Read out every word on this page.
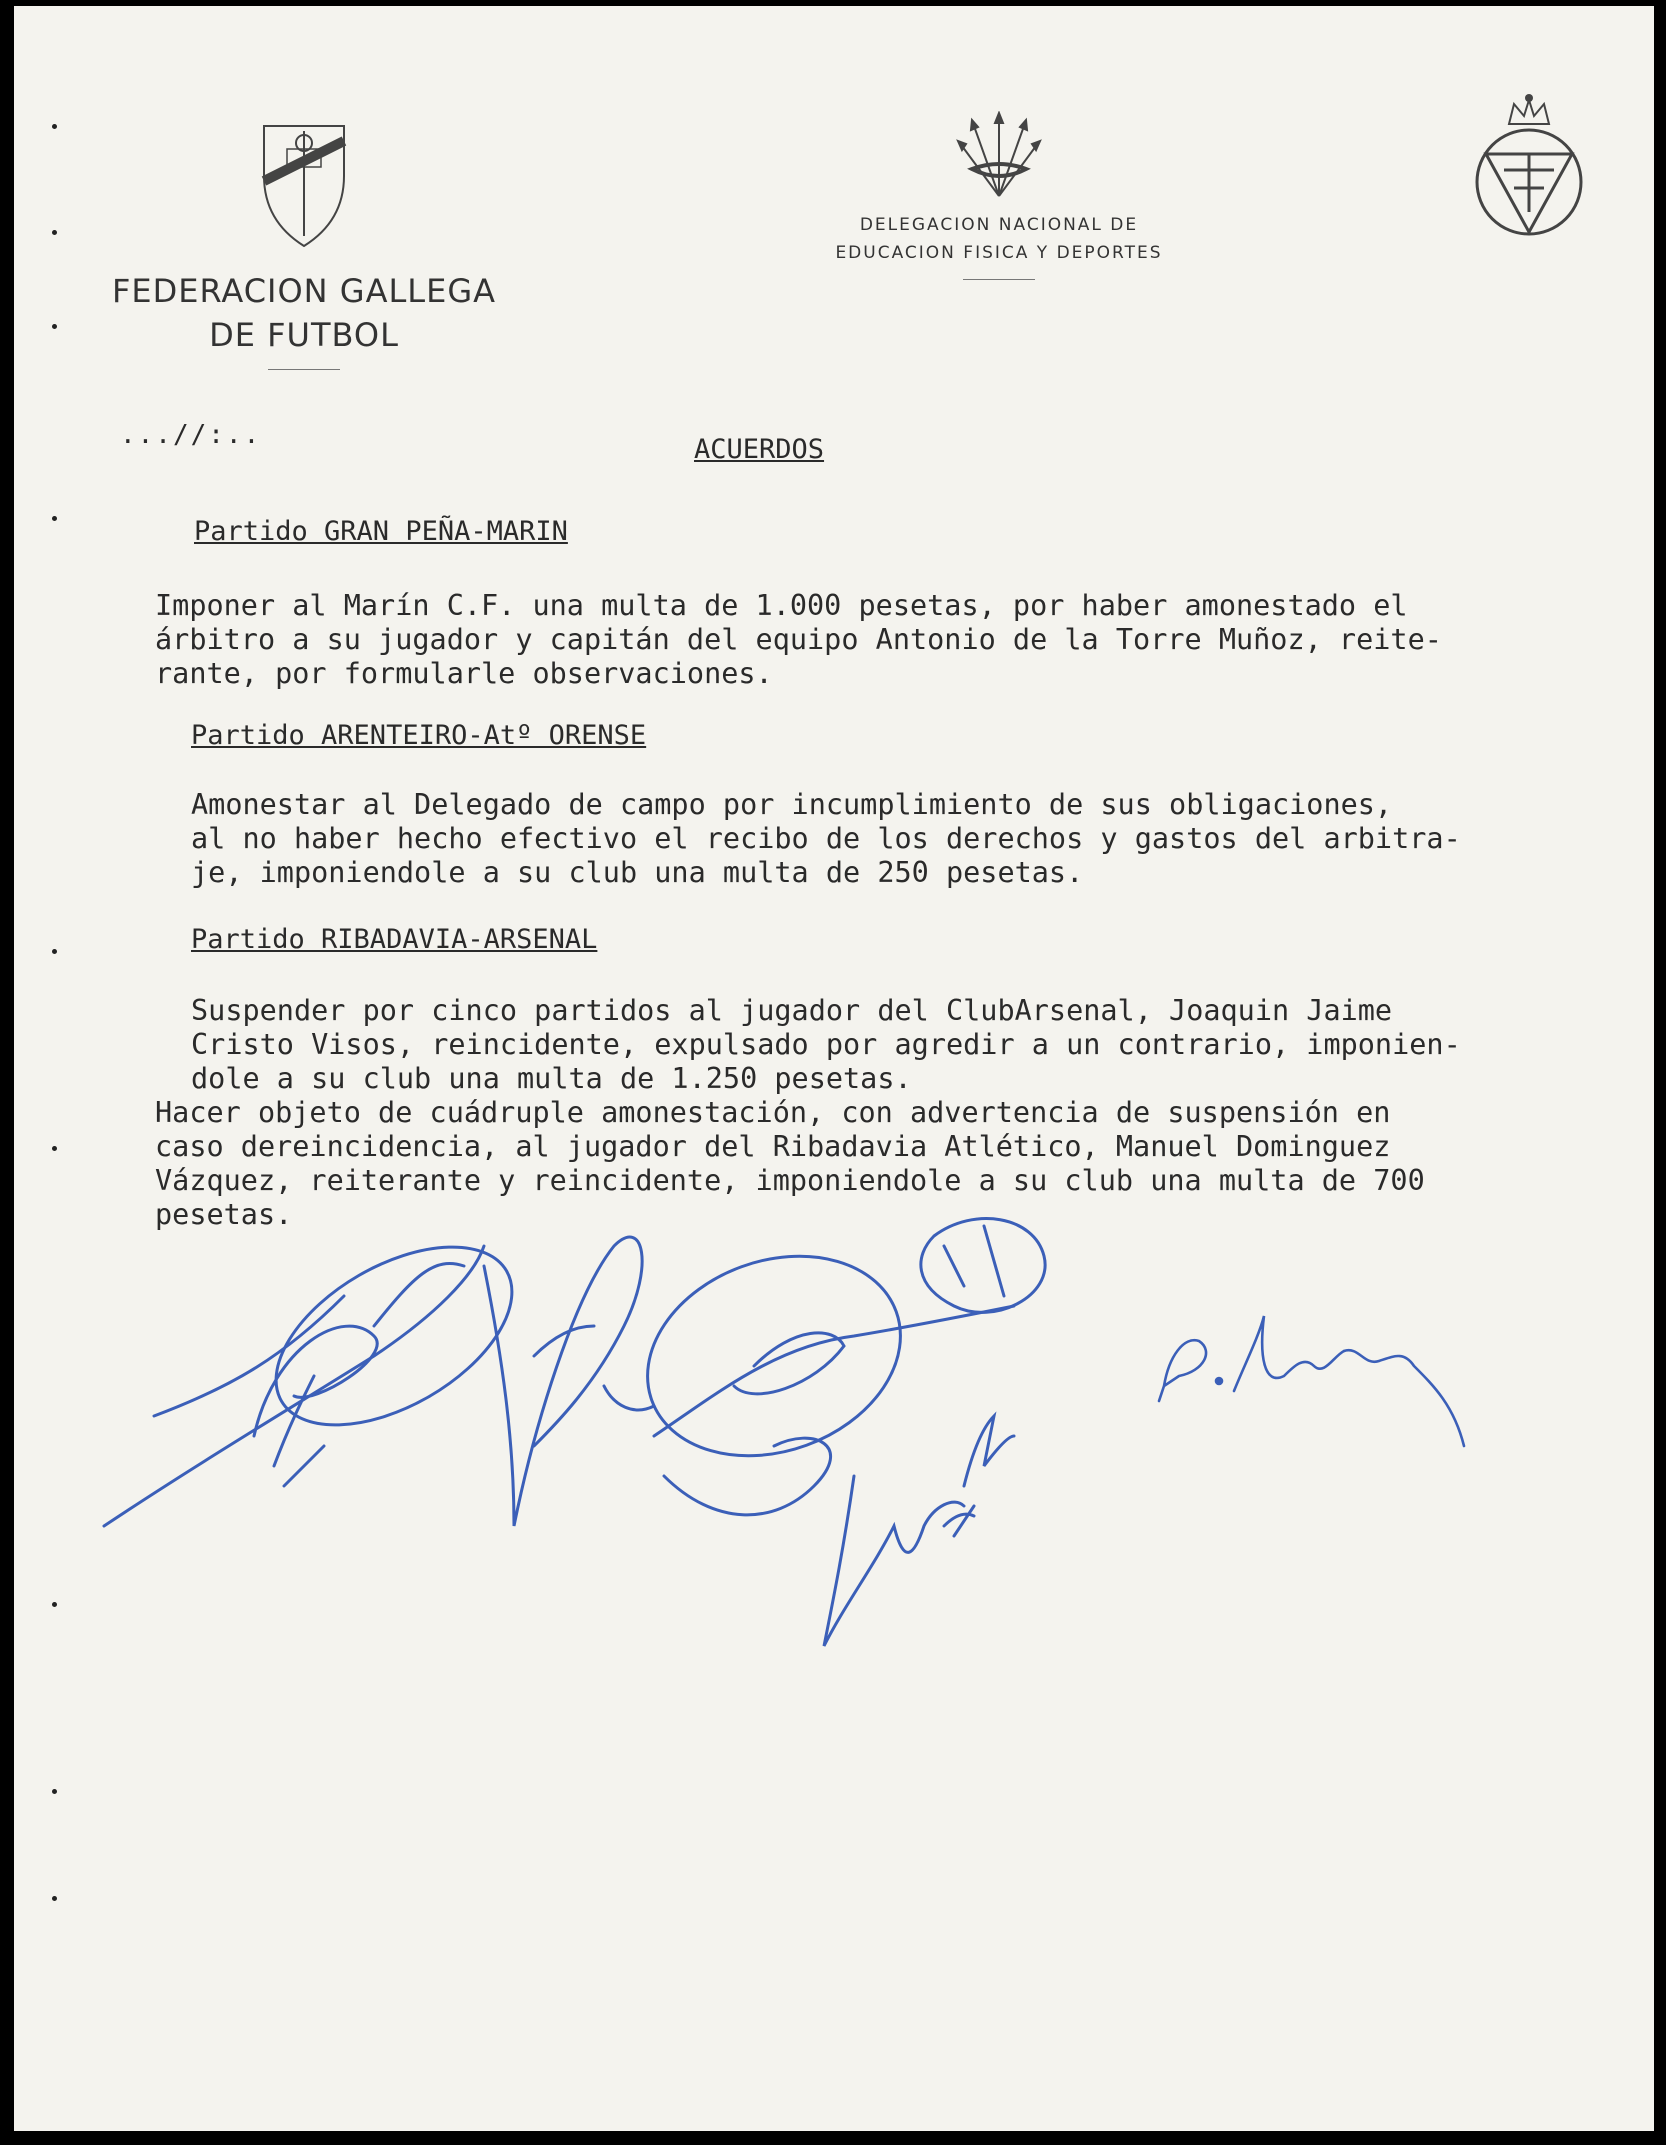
FEDERACION GALLEGA
DE FUTBOL
DELEGACION NACIONAL DE
EDUCACION FISICA Y DEPORTES
...//:..	ACUERDOS
Partido GRAN PEÑA-MARIN
Imponer al Marín C.F. una multa de 1.000 pesetas, por haber amonestado el
árbitro a su jugador y capitán del equipo Antonio de la Torre Muñoz, reite-
rante, por formularle observaciones.
Partido ARENTEIRO-Atº ORENSE
Amonestar al Delegado de campo por incumplimiento de sus obligaciones,
al no haber hecho efectivo el recibo de los derechos y gastos del arbitra-
je, imponiendole a su club una multa de 250 pesetas.
Partido RIBADAVIA-ARSENAL
Suspender por cinco partidos al jugador del ClubArsenal, Joaquin Jaime
Cristo Visos, reincidente, expulsado por agredir a un contrario, imponien-
dole a su club una multa de 1.250 pesetas.
Hacer objeto de cuádruple amonestación, con advertencia de suspensión en
caso dereincidencia, al jugador del Ribadavia Atlético, Manuel Dominguez
Vázquez, reiterante y reincidente, imponiendole a su club una multa de 700
pesetas.
